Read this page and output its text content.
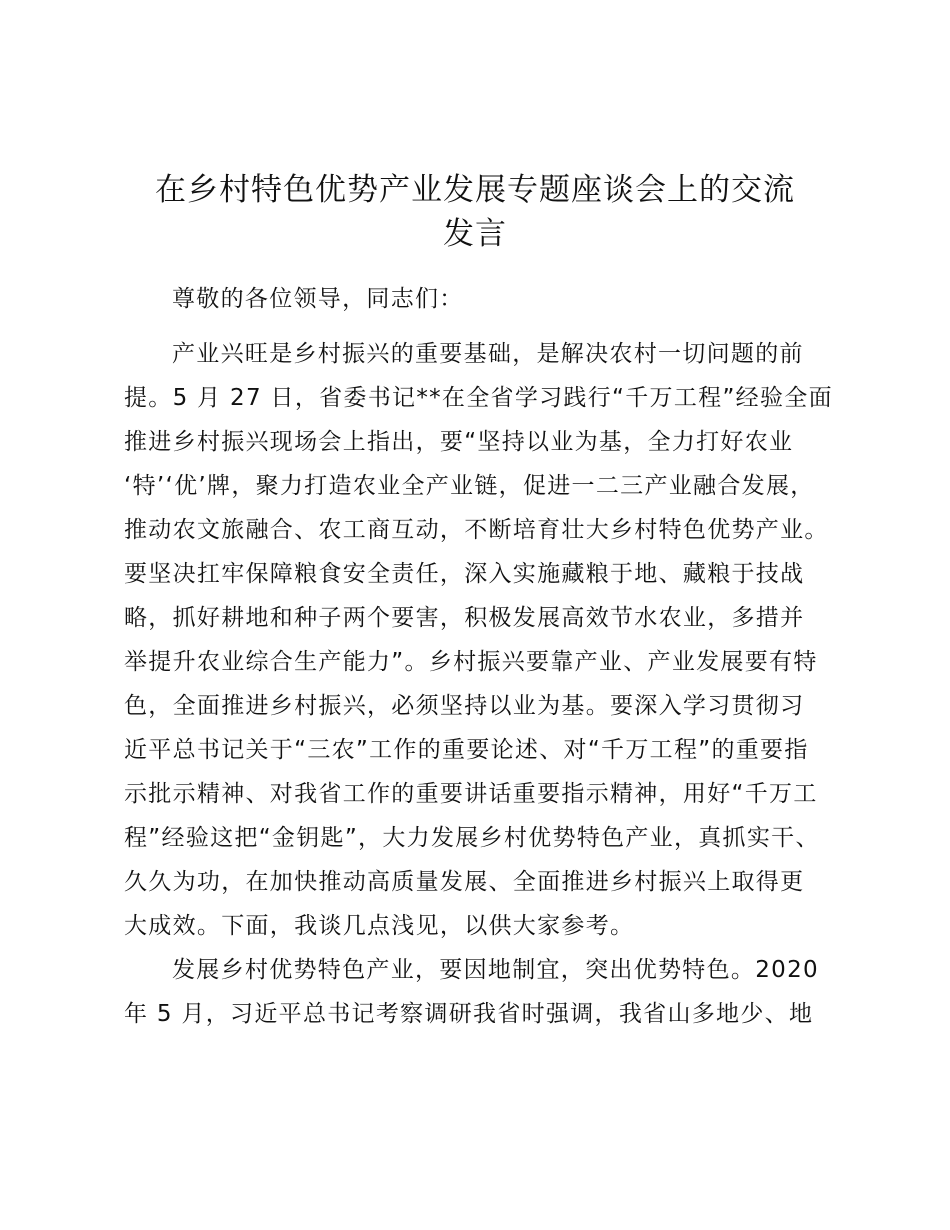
在乡村特色优势产业发展专题座谈会上的交流
发言
尊敬的各位领导，同志们：
产业兴旺是乡村振兴的重要基础，是解决农村一切问题的前
提。5 月 27 日，省委书记**在全省学习践行“千万工程”经验全面
推进乡村振兴现场会上指出，要“坚持以业为基，全力打好农业
‘特’‘优’牌，聚力打造农业全产业链，促进一二三产业融合发展，
推动农文旅融合、农工商互动，不断培育壮大乡村特色优势产业。
要坚决扛牢保障粮食安全责任，深入实施藏粮于地、藏粮于技战
略，抓好耕地和种子两个要害，积极发展高效节水农业，多措并
举提升农业综合生产能力”。乡村振兴要靠产业、产业发展要有特
色，全面推进乡村振兴，必须坚持以业为基。要深入学习贯彻习
近平总书记关于“三农”工作的重要论述、对“千万工程”的重要指
示批示精神、对我省工作的重要讲话重要指示精神，用好“千万工
程”经验这把“金钥匙”，大力发展乡村优势特色产业，真抓实干、
久久为功，在加快推动高质量发展、全面推进乡村振兴上取得更
大成效。下面，我谈几点浅见，以供大家参考。
发展乡村优势特色产业，要因地制宜，突出优势特色。2020
年 5 月，习近平总书记考察调研我省时强调，我省山多地少、地
